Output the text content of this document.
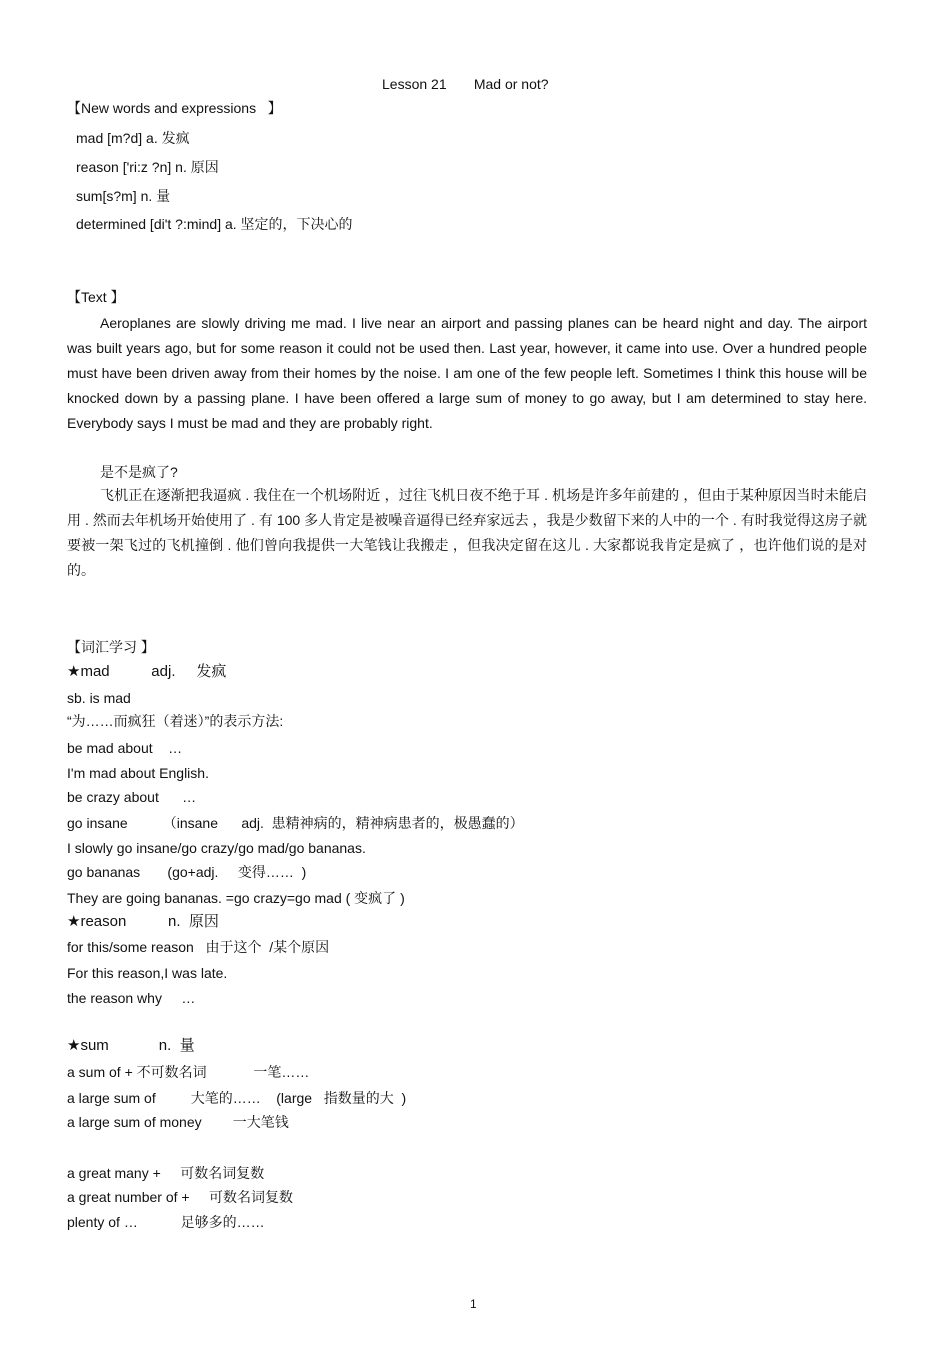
Lesson 21       Mad or not?
【New words and expressions   】
mad [m?d] a. 发疯
reason ['ri:z ?n] n. 原因
sum[s?m] n. 量
determined [di't ?:mind] a. 坚定的，下决心的
【Text 】

Aeroplanes are slowly driving me mad. I live near an airport and passing planes can be heard night and day. The airport was built years ago, but for some reason it could not be used then. Last year, however, it came into use. Over a hundred people must have been driven away from their homes by the noise. I am one of the few people left. Sometimes I think this house will be knocked down by a passing plane. I have been offered a large sum of money to go away, but I am determined to stay here. Everybody says I must be mad and they are probably right.

是不是疯了?

飞机正在逐渐把我逼疯 . 我住在一个机场附近 ，过往飞机日夜不绝于耳 . 机场是许多年前建的 ，但由于某种原因当时未能启用 . 然而去年机场开始使用了 . 有 100 多人肯定是被噪音逼得已经弃家远去 ，我是少数留下来的人中的一个 . 有时我觉得这房子就要被一架飞过的飞机撞倒 . 他们曾向我提供一大笔钱让我搬走 ，但我决定留在这儿 . 大家都说我肯定是疯了 ，也许他们说的是对的。

【词汇学习 】
★mad          adj.     发疯
sb. is mad
“为……而疯狂（着迷）”的表示方法:
be mad about    …
I'm mad about English.
be crazy about      …
go insane         （insane      adj.  患精神病的，精神病患者的，极愚蠢的）
I slowly go insane/go crazy/go mad/go bananas.
go bananas       (go+adj.     变得……  )
They are going bananas. =go crazy=go mad ( 变疯了 )
★reason          n.  原因
for this/some reason   由于这个  /某个原因
For this reason,I was late.
the reason why     …
★sum            n.  量
a sum of + 不可数名词            一笔……
a large sum of         大笔的……    (large   指数量的大  )
a large sum of money        一大笔钱
a great many +     可数名词复数
a great number of +     可数名词复数
plenty of …           足够多的……
1
